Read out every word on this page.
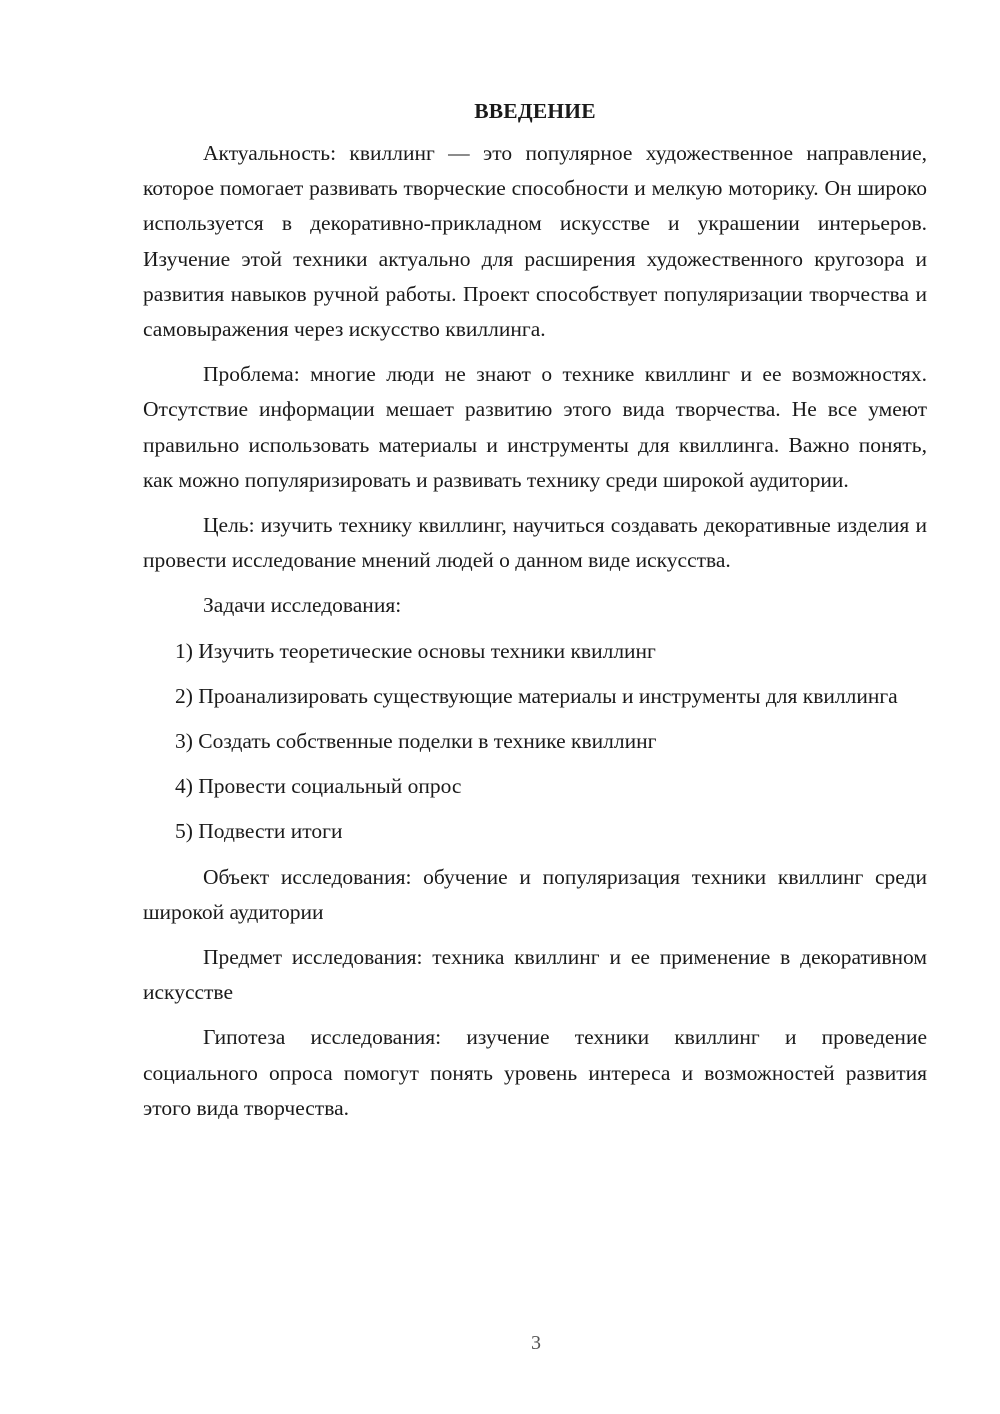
ВВЕДЕНИЕ

Актуальность: квиллинг — это популярное художественное направление, которое помогает развивать творческие способности и мелкую моторику. Он широко используется в декоративно-прикладном искусстве и украшении интерьеров. Изучение этой техники актуально для расширения художественного кругозора и развития навыков ручной работы. Проект способствует популяризации творчества и самовыражения через искусство квиллинга.

Проблема: многие люди не знают о технике квиллинг и ее возможностях. Отсутствие информации мешает развитию этого вида творчества. Не все умеют правильно использовать материалы и инструменты для квиллинга. Важно понять, как можно популяризировать и развивать технику среди широкой аудитории.

Цель: изучить технику квиллинг, научиться создавать декоративные изделия и провести исследование мнений людей о данном виде искусства.

Задачи исследования:

1) Изучить теоретические основы техники квиллинг

2) Проанализировать существующие материалы и инструменты для квиллинга

3) Создать собственные поделки в технике квиллинг

4) Провести социальный опрос

5) Подвести итоги

Объект исследования: обучение и популяризация техники квиллинг среди широкой аудитории

Предмет исследования: техника квиллинг и ее применение в декоративном искусстве

Гипотеза исследования: изучение техники квиллинг и проведение социального опроса помогут понять уровень интереса и возможностей развития этого вида творчества.

3
